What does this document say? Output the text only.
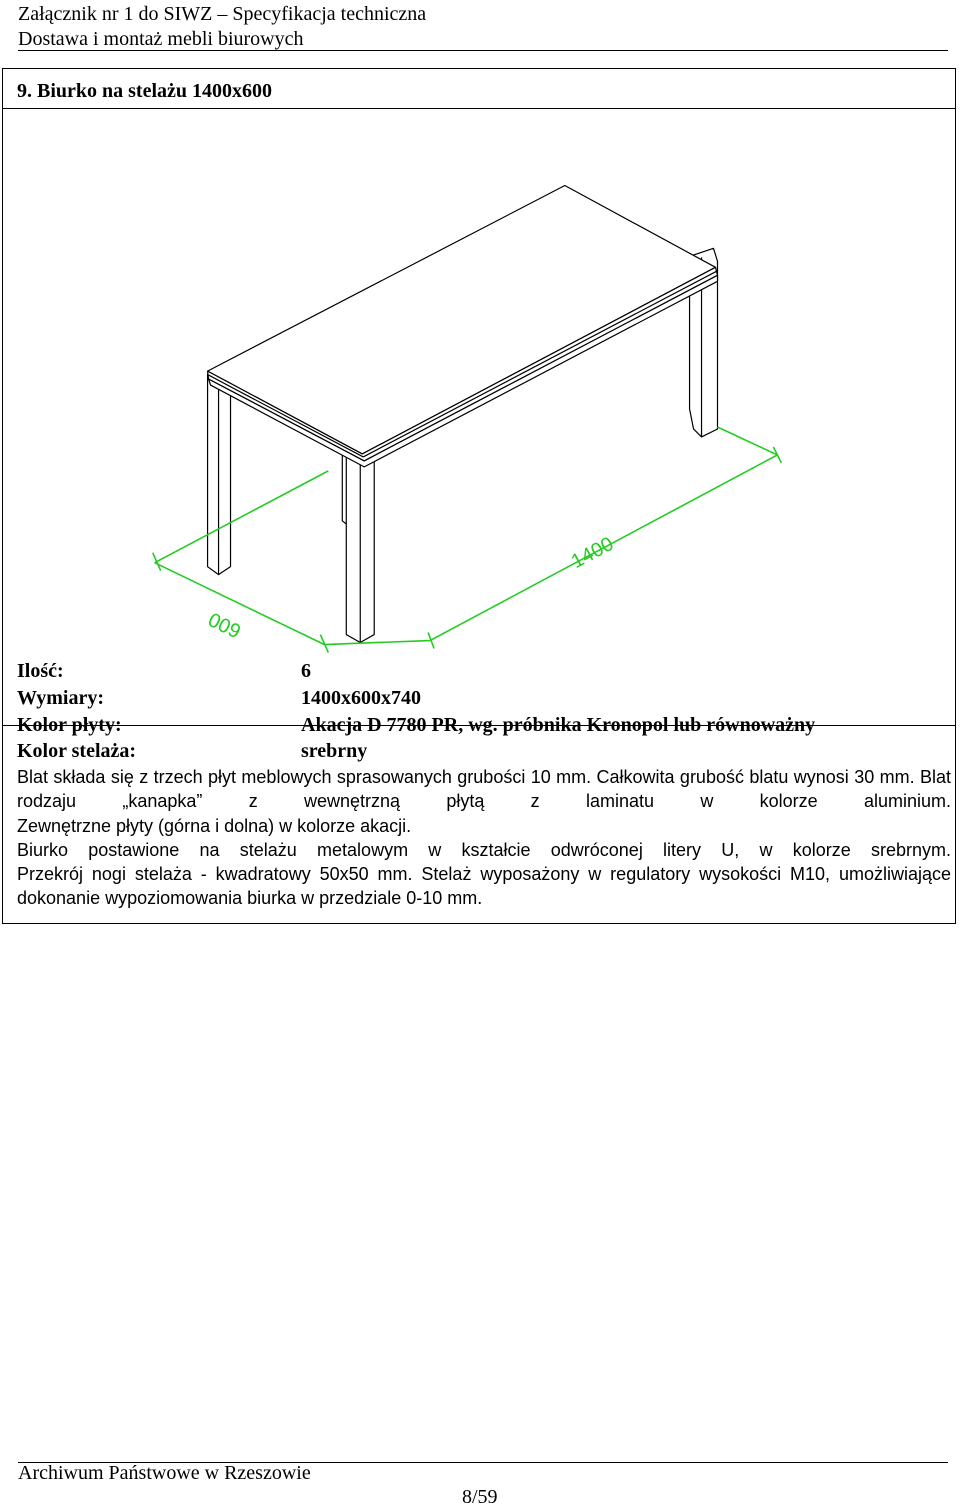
Załącznik nr 1 do SIWZ – Specyfikacja techniczna
Dostawa i montaż mebli biurowych
9. Biurko na stelażu 1400x600
1400
600
Ilość:	6
Wymiary:	1400x600x740
Kolor płyty:	Akacja D 7780 PR, wg. próbnika Kronopol lub równoważny
Kolor stelaża:	srebrny

Blat składa się z trzech płyt meblowych sprasowanych grubości 10 mm. Całkowita grubość blatu wynosi 30 mm. Blat rodzaju „kanapka” z wewnętrzną płytą z laminatu w kolorze aluminium.

Zewnętrzne płyty (górna i dolna) w kolorze akacji.

Biurko postawione na stelażu metalowym w kształcie odwróconej litery U, w kolorze srebrnym.

Przekrój nogi stelaża - kwadratowy 50x50 mm. Stelaż wyposażony w regulatory wysokości M10, umożliwiające dokonanie wypoziomowania biurka w przedziale 0-10 mm.

Archiwum Państwowe w Rzeszowie
8/59
